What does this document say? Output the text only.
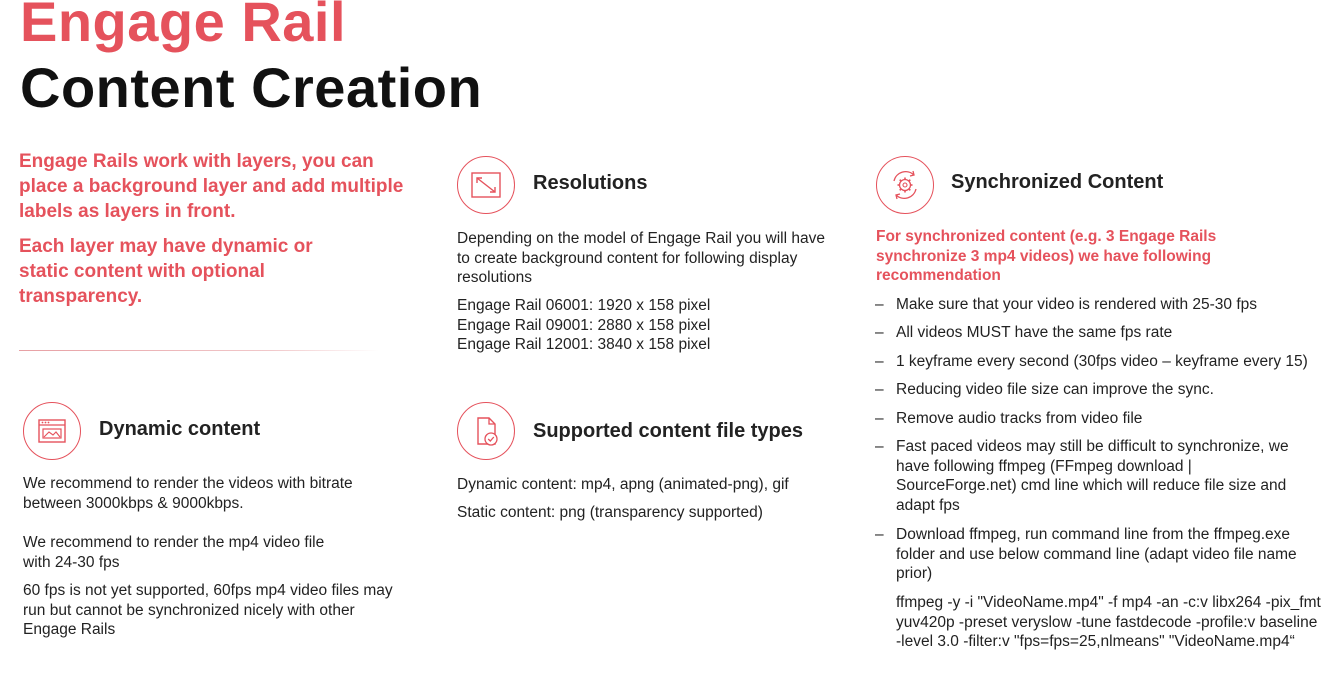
Engage Rail
Content Creation

Engage Rails work with layers, you can place a background layer and add multiple labels as layers in front.

Each layer may have dynamic or static content with optional transparency.

Resolutions

Depending on the model of Engage Rail you will have to create background content for following display resolutions

Engage Rail 06001: 1920 x 158 pixel
Engage Rail 09001: 2880 x 158 pixel
Engage Rail 12001: 3840 x 158 pixel
Dynamic content

We recommend to render the videos with bitrate between 3000kbps & 9000kbps.

We recommend to render the mp4 video file with 24-30 fps

60 fps is not yet supported, 60fps mp4 video files may run but cannot be synchronized nicely with other Engage Rails

Supported content file types
Dynamic content: mp4, apng (animated-png), gif
Static content: png (transparency supported)
Synchronized Content

For synchronized content (e.g. 3 Engage Rails synchronize 3 mp4 videos) we have following recommendation

– Make sure that your video is rendered with 25-30 fps
– All videos MUST have the same fps rate
– 1 keyframe every second (30fps video – keyframe every 15)
– Reducing video file size can improve the sync.
– Remove audio tracks from video file
– Fast paced videos may still be difficult to synchronize, we have following ffmpeg (FFmpeg download | SourceForge.net) cmd line which will reduce file size and adapt fps
– Download ffmpeg, run command line from the ffmpeg.exe folder and use below command line (adapt video file name prior)

ffmpeg -y -i "VideoName.mp4" -f mp4 -an -c:v libx264 -pix_fmt yuv420p -preset veryslow -tune fastdecode -profile:v baseline -level 3.0 -filter:v "fps=fps=25,nlmeans" "VideoName.mp4“
